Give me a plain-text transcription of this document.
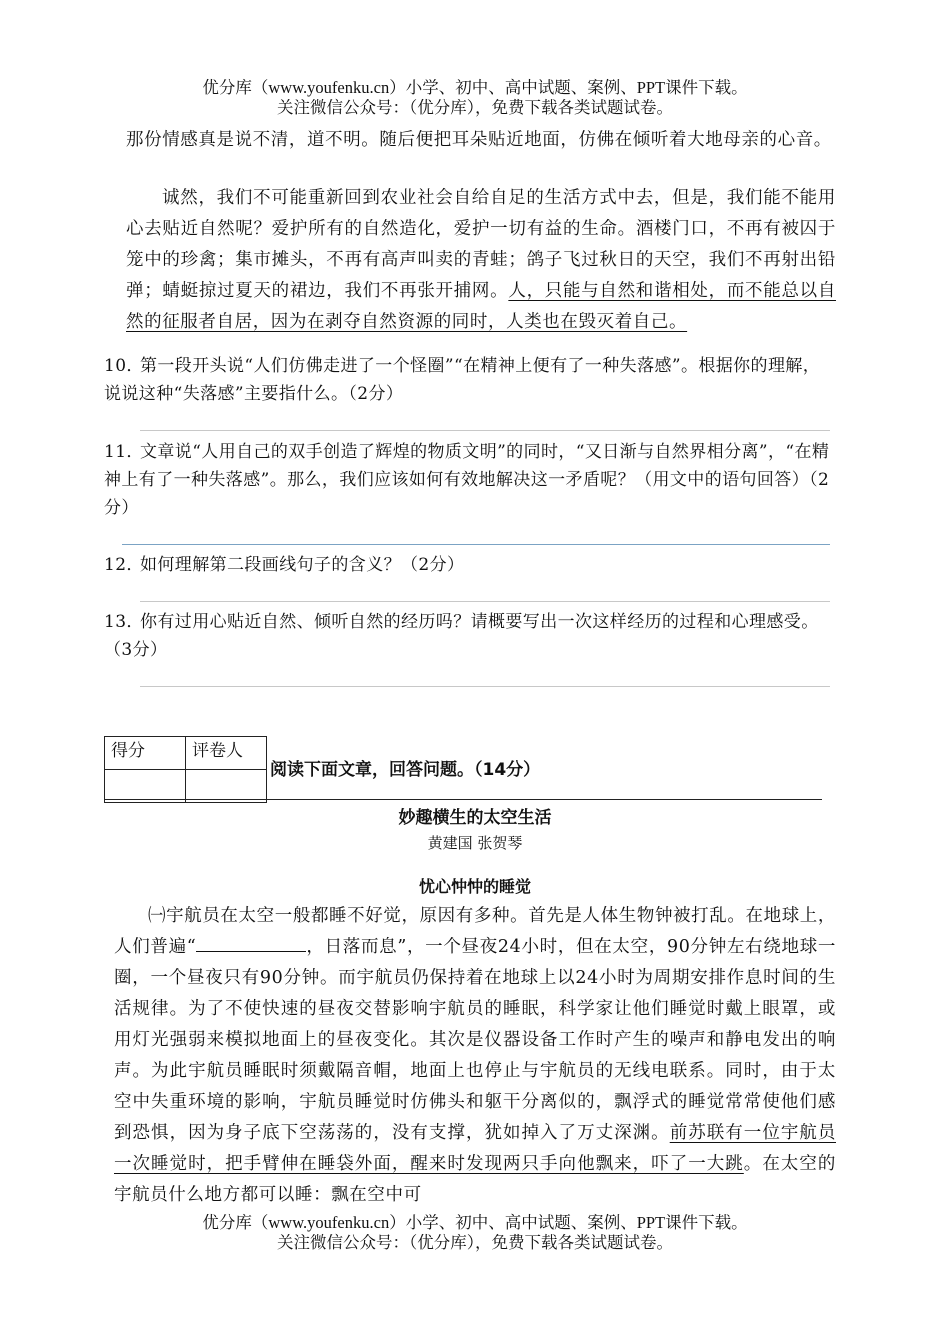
优分库（www.youfenku.cn）小学、初中、高中试题、案例、PPT课件下载。
关注微信公众号：（优分库），免费下载各类试题试卷。
那份情感真是说不清，道不明。随后便把耳朵贴近地面，仿佛在倾听着大地母亲的心音。
诚然，我们不可能重新回到农业社会自给自足的生活方式中去，但是，我们能不能用心去贴近自然呢？爱护所有的自然造化，爱护一切有益的生命。酒楼门口，不再有被囚于笼中的珍禽；集市摊头，不再有高声叫卖的青蛙；鸽子飞过秋日的天空，我们不再射出铅弹；蜻蜓掠过夏天的裙边，我们不再张开捕网。人，只能与自然和谐相处，而不能总以自然的征服者自居，因为在剥夺自然资源的同时，人类也在毁灭着自己。
10．第一段开头说“人们仿佛走进了一个怪圈”“在精神上便有了一种失落感”。根据你的理解，说说这种“失落感”主要指什么。（2分）
11．文章说“人用自己的双手创造了辉煌的物质文明”的同时，“又日渐与自然界相分离”，“在精神上有了一种失落感”。那么，我们应该如何有效地解决这一矛盾呢？（用文中的语句回答）（2分）
12．如何理解第二段画线句子的含义？（2分）
13．你有过用心贴近自然、倾听自然的经历吗？请概要写出一次这样经历的过程和心理感受。（3分）
得分	评卷人

阅读下面文章，回答问题。（14分）
妙趣横生的太空生活
黄建国 张贺琴
忧心忡忡的睡觉
㈠宇航员在太空一般都睡不好觉，原因有多种。首先是人体生物钟被打乱。在地球上，人们普遍“	，日落而息”，一个昼夜24小时，但在太空，90分钟左右绕地球一圈，一个昼夜只有90分钟。而宇航员仍保持着在地球上以24小时为周期安排作息时间的生活规律。为了不使快速的昼夜交替影响宇航员的睡眠，科学家让他们睡觉时戴上眼罩，或用灯光强弱来模拟地面上的昼夜变化。其次是仪器设备工作时产生的噪声和静电发出的响声。为此宇航员睡眠时须戴隔音帽，地面上也停止与宇航员的无线电联系。同时，由于太空中失重环境的影响，宇航员睡觉时仿佛头和躯干分离似的，飘浮式的睡觉常常使他们感到恐惧，因为身子底下空荡荡的，没有支撑，犹如掉入了万丈深渊。前苏联有一位宇航员一次睡觉时，把手臂伸在睡袋外面，醒来时发现两只手向他飘来，吓了一大跳。在太空的宇航员什么地方都可以睡：飘在空中可
优分库（www.youfenku.cn）小学、初中、高中试题、案例、PPT课件下载。
关注微信公众号：（优分库），免费下载各类试题试卷。
